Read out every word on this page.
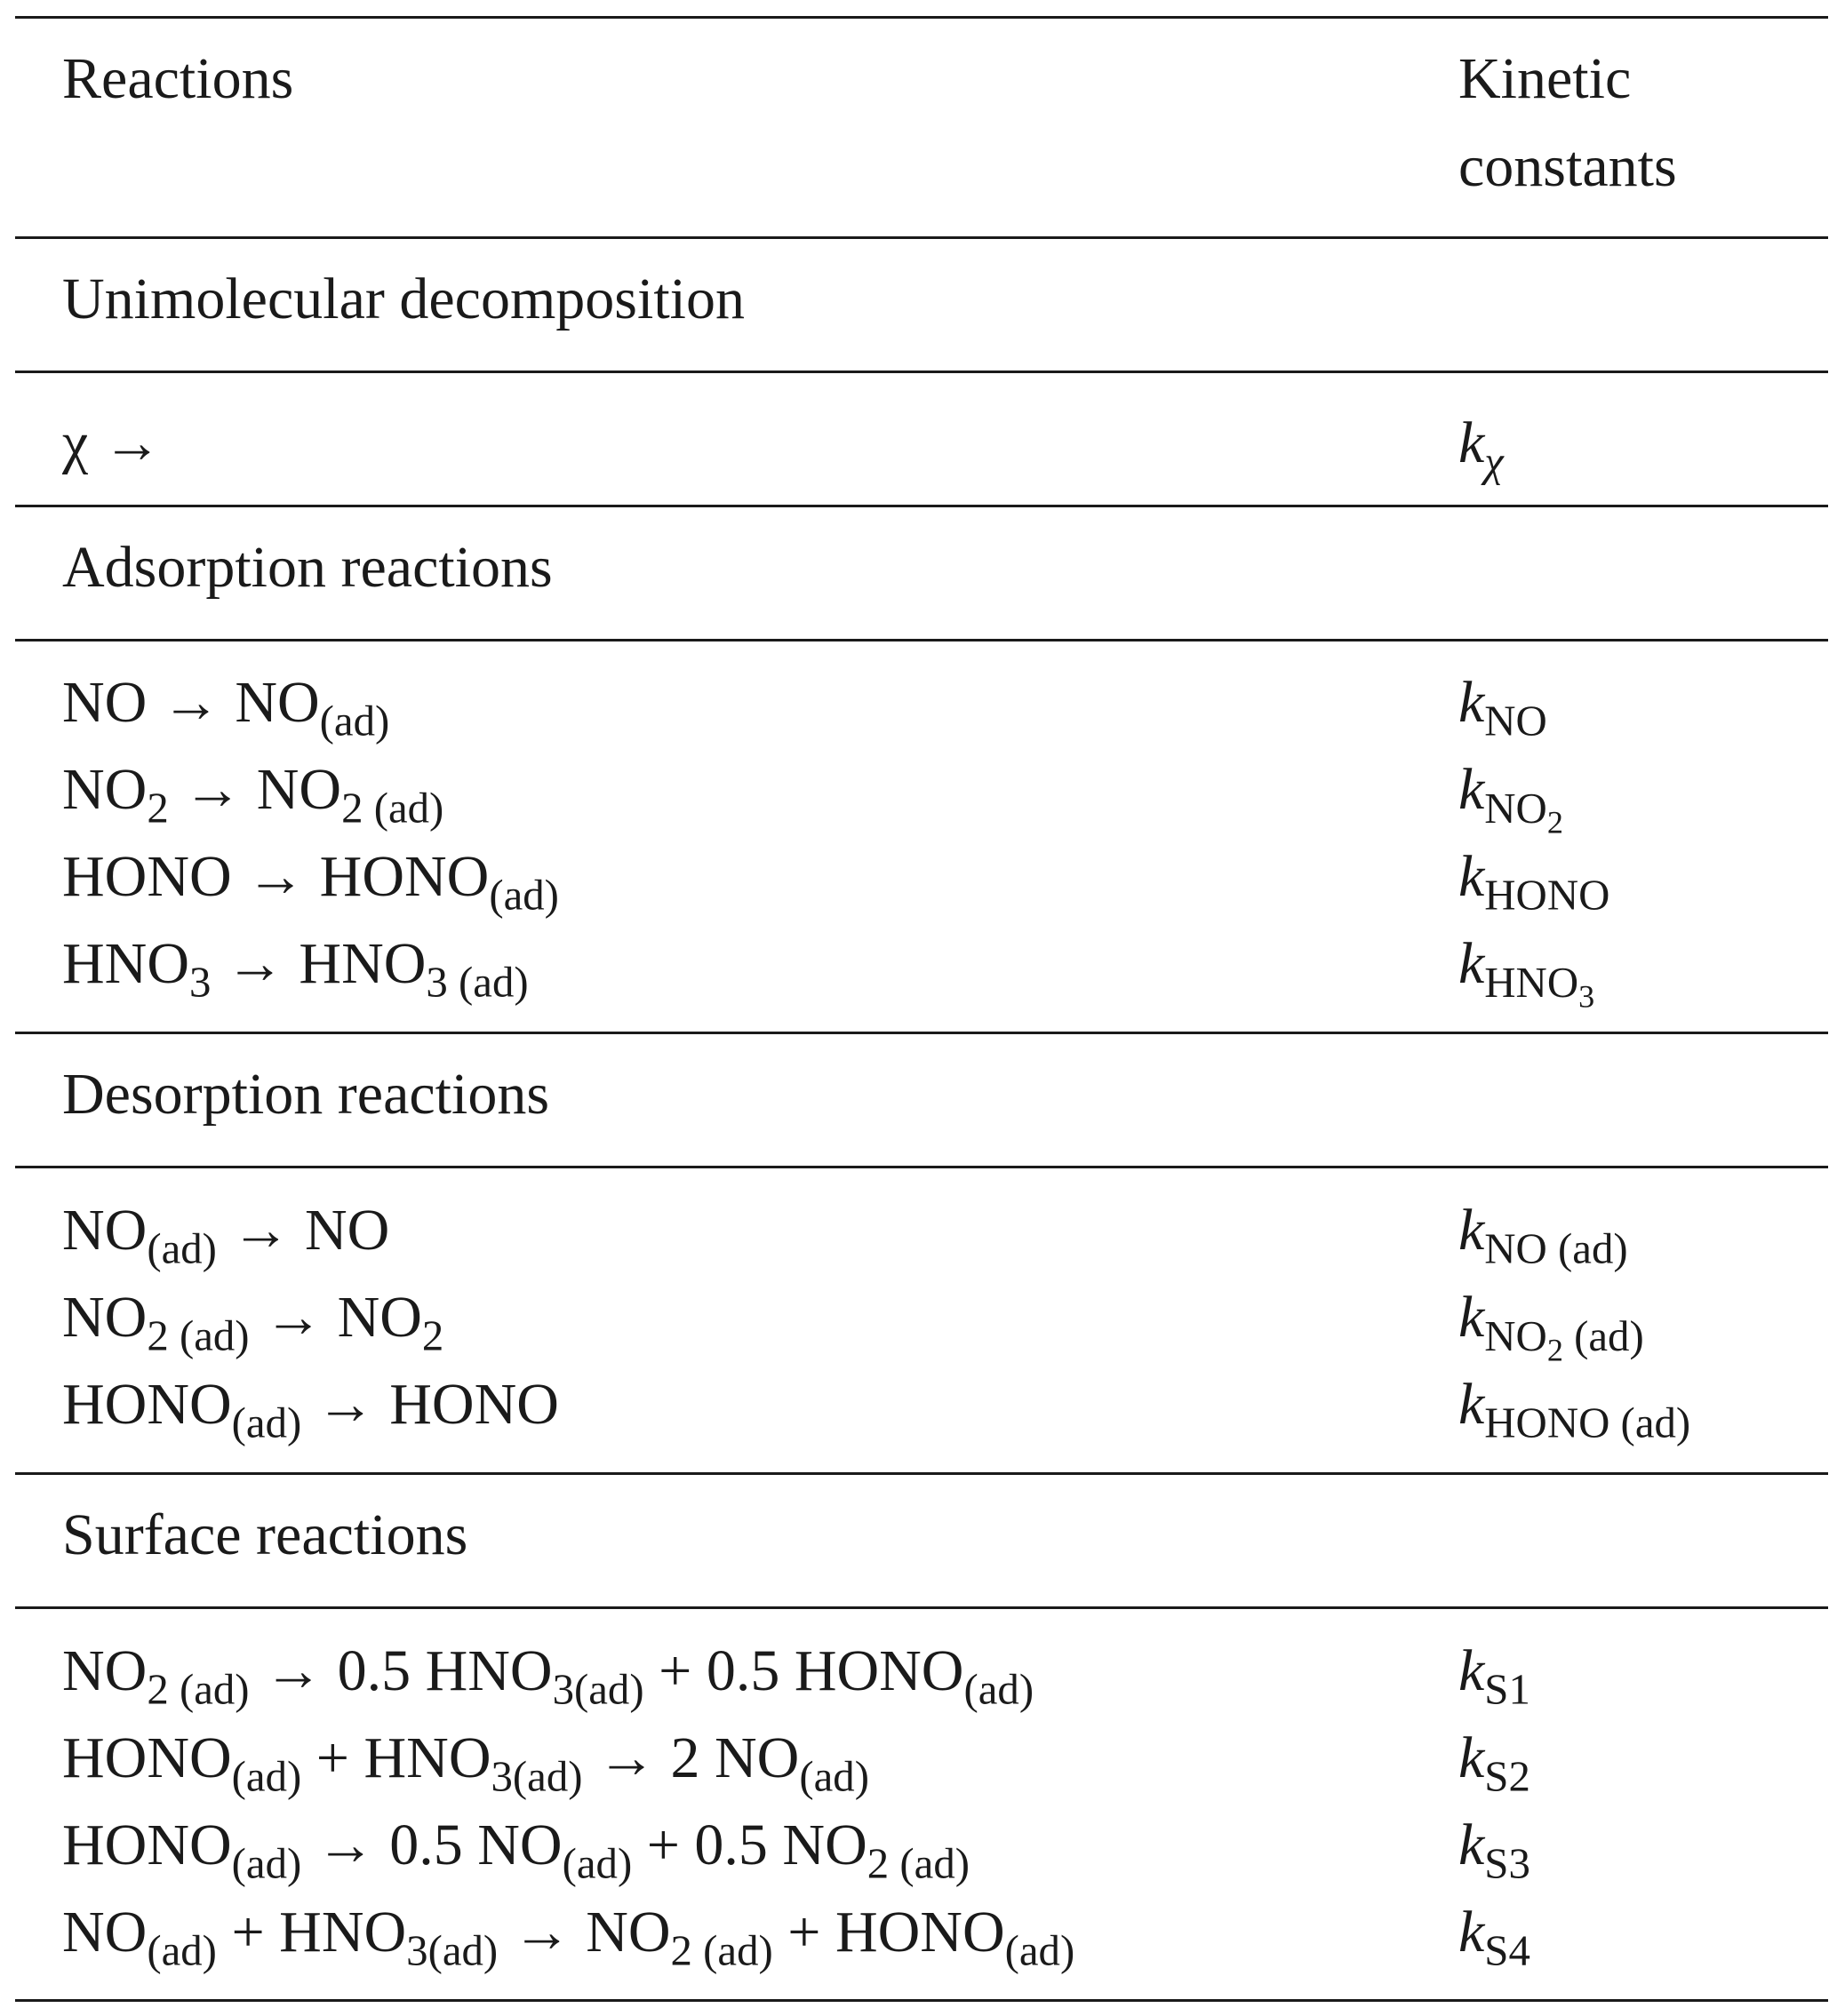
Reactions	Kinetic
constants
Unimolecular decomposition
χ →	$k_\chi$
Adsorption reactions
NO → $NO_{(ad)}$	$k_{NO}$
$NO_2 \to NO_{2 (ad)}$	$k_{NO_2}$
HONO → $HONO_{(ad)}$	$k_{HONO}$
$HNO_3 \to HNO_{3 (ad)}$	$k_{HNO_3}$
Desorption reactions
$NO_{(ad)}$ → NO	$k_{NO (ad)}$
$NO_{2 (ad)} \to NO_2$	$k_{NO_2 (ad)}$
$HONO_{(ad)}$ → HONO	$k_{HONO (ad)}$
Surface reactions
$NO_{2 (ad)} \to 0.5$ $HNO_{3(ad)} + 0.5$ $HONO_{(ad)}$	$k_{S1}$
$HONO_{(ad)} + HNO_{3(ad)} \to 2$ $NO_{(ad)}$	$k_{S2}$
$HONO_{(ad)} \to 0.5$ $NO_{(ad)} + 0.5$ $NO_{2 (ad)}$	$k_{S3}$
$NO_{(ad)} + HNO_{3(ad)} \to NO_{2 (ad)}$ + $HONO_{(ad)}$	$k_{S4}$
